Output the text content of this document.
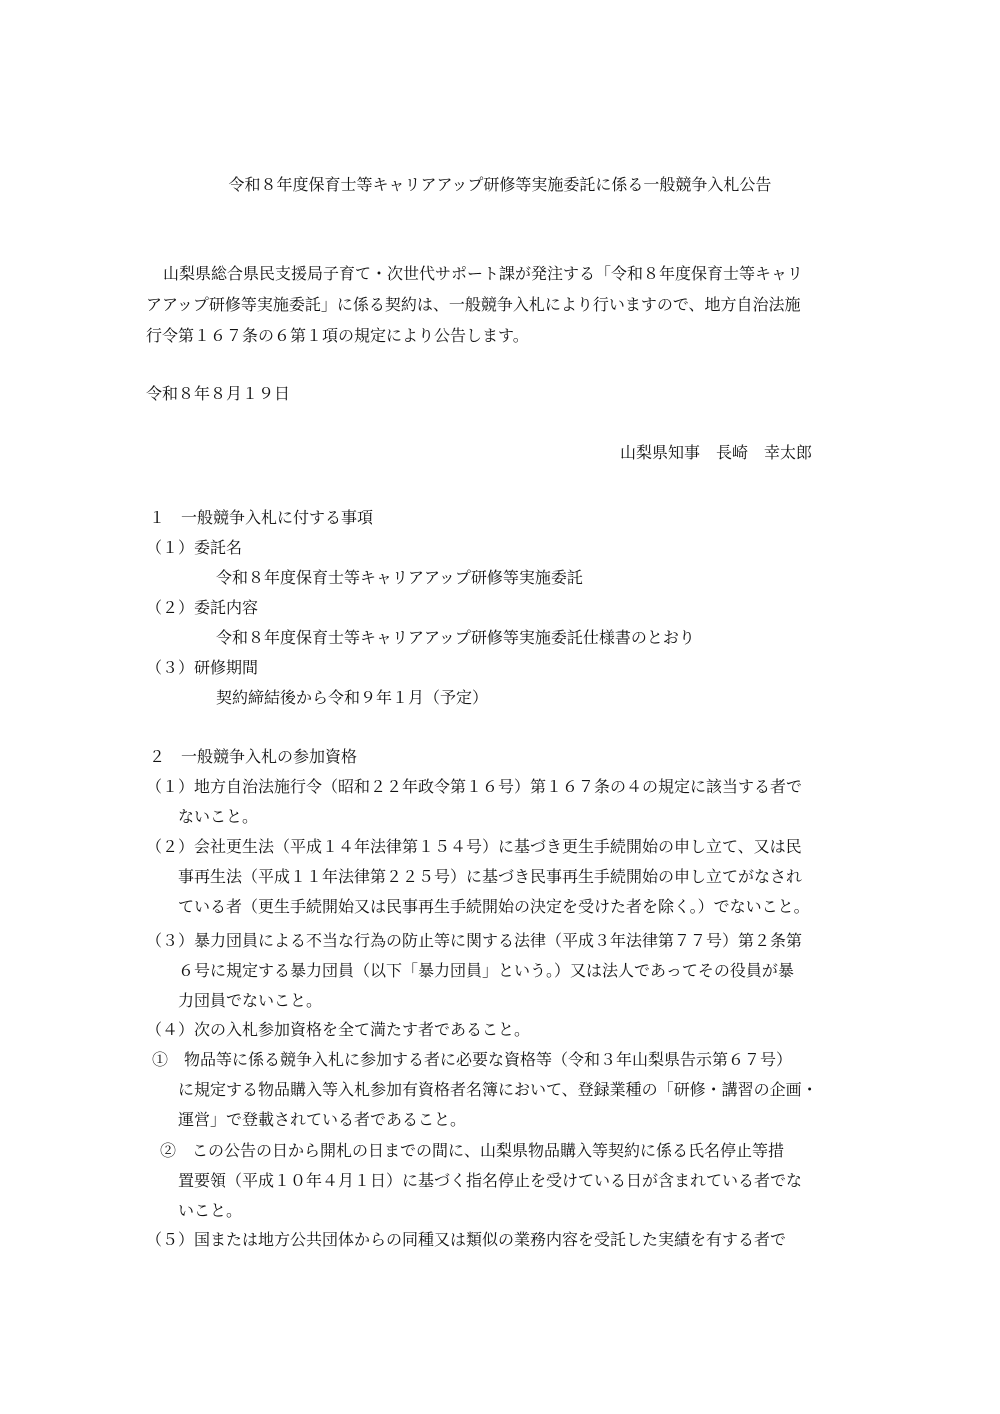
令和８年度保育士等キャリアアップ研修等実施委託に係る一般競争入札公告

山梨県総合県民支援局子育て・次世代サポート課が発注する「令和８年度保育士等キャリ

アアップ研修等実施委託」に係る契約は、一般競争入札により行いますので、地方自治法施

行令第１６７条の６第１項の規定により公告します。

令和８年８月１９日

山梨県知事　長崎　幸太郎

１　一般競争入札に付する事項

（１）委託名

令和８年度保育士等キャリアアップ研修等実施委託

（２）委託内容

令和８年度保育士等キャリアアップ研修等実施委託仕様書のとおり

（３）研修期間

契約締結後から令和９年１月（予定）

２　一般競争入札の参加資格

（１）地方自治法施行令（昭和２２年政令第１６号）第１６７条の４の規定に該当する者で

ないこと。

（２）会社更生法（平成１４年法律第１５４号）に基づき更生手続開始の申し立て、又は民

事再生法（平成１１年法律第２２５号）に基づき民事再生手続開始の申し立てがなされ

ている者（更生手続開始又は民事再生手続開始の決定を受けた者を除く。）でないこと。

（３）暴力団員による不当な行為の防止等に関する法律（平成３年法律第７７号）第２条第

６号に規定する暴力団員（以下「暴力団員」という。）又は法人であってその役員が暴

力団員でないこと。

（４）次の入札参加資格を全て満たす者であること。

①　物品等に係る競争入札に参加する者に必要な資格等（令和３年山梨県告示第６７号）

に規定する物品購入等入札参加有資格者名簿において、登録業種の「研修・講習の企画・

運営」で登載されている者であること。

②　この公告の日から開札の日までの間に、山梨県物品購入等契約に係る氏名停止等措

置要領（平成１０年４月１日）に基づく指名停止を受けている日が含まれている者でな

いこと。

（５）国または地方公共団体からの同種又は類似の業務内容を受託した実績を有する者で
